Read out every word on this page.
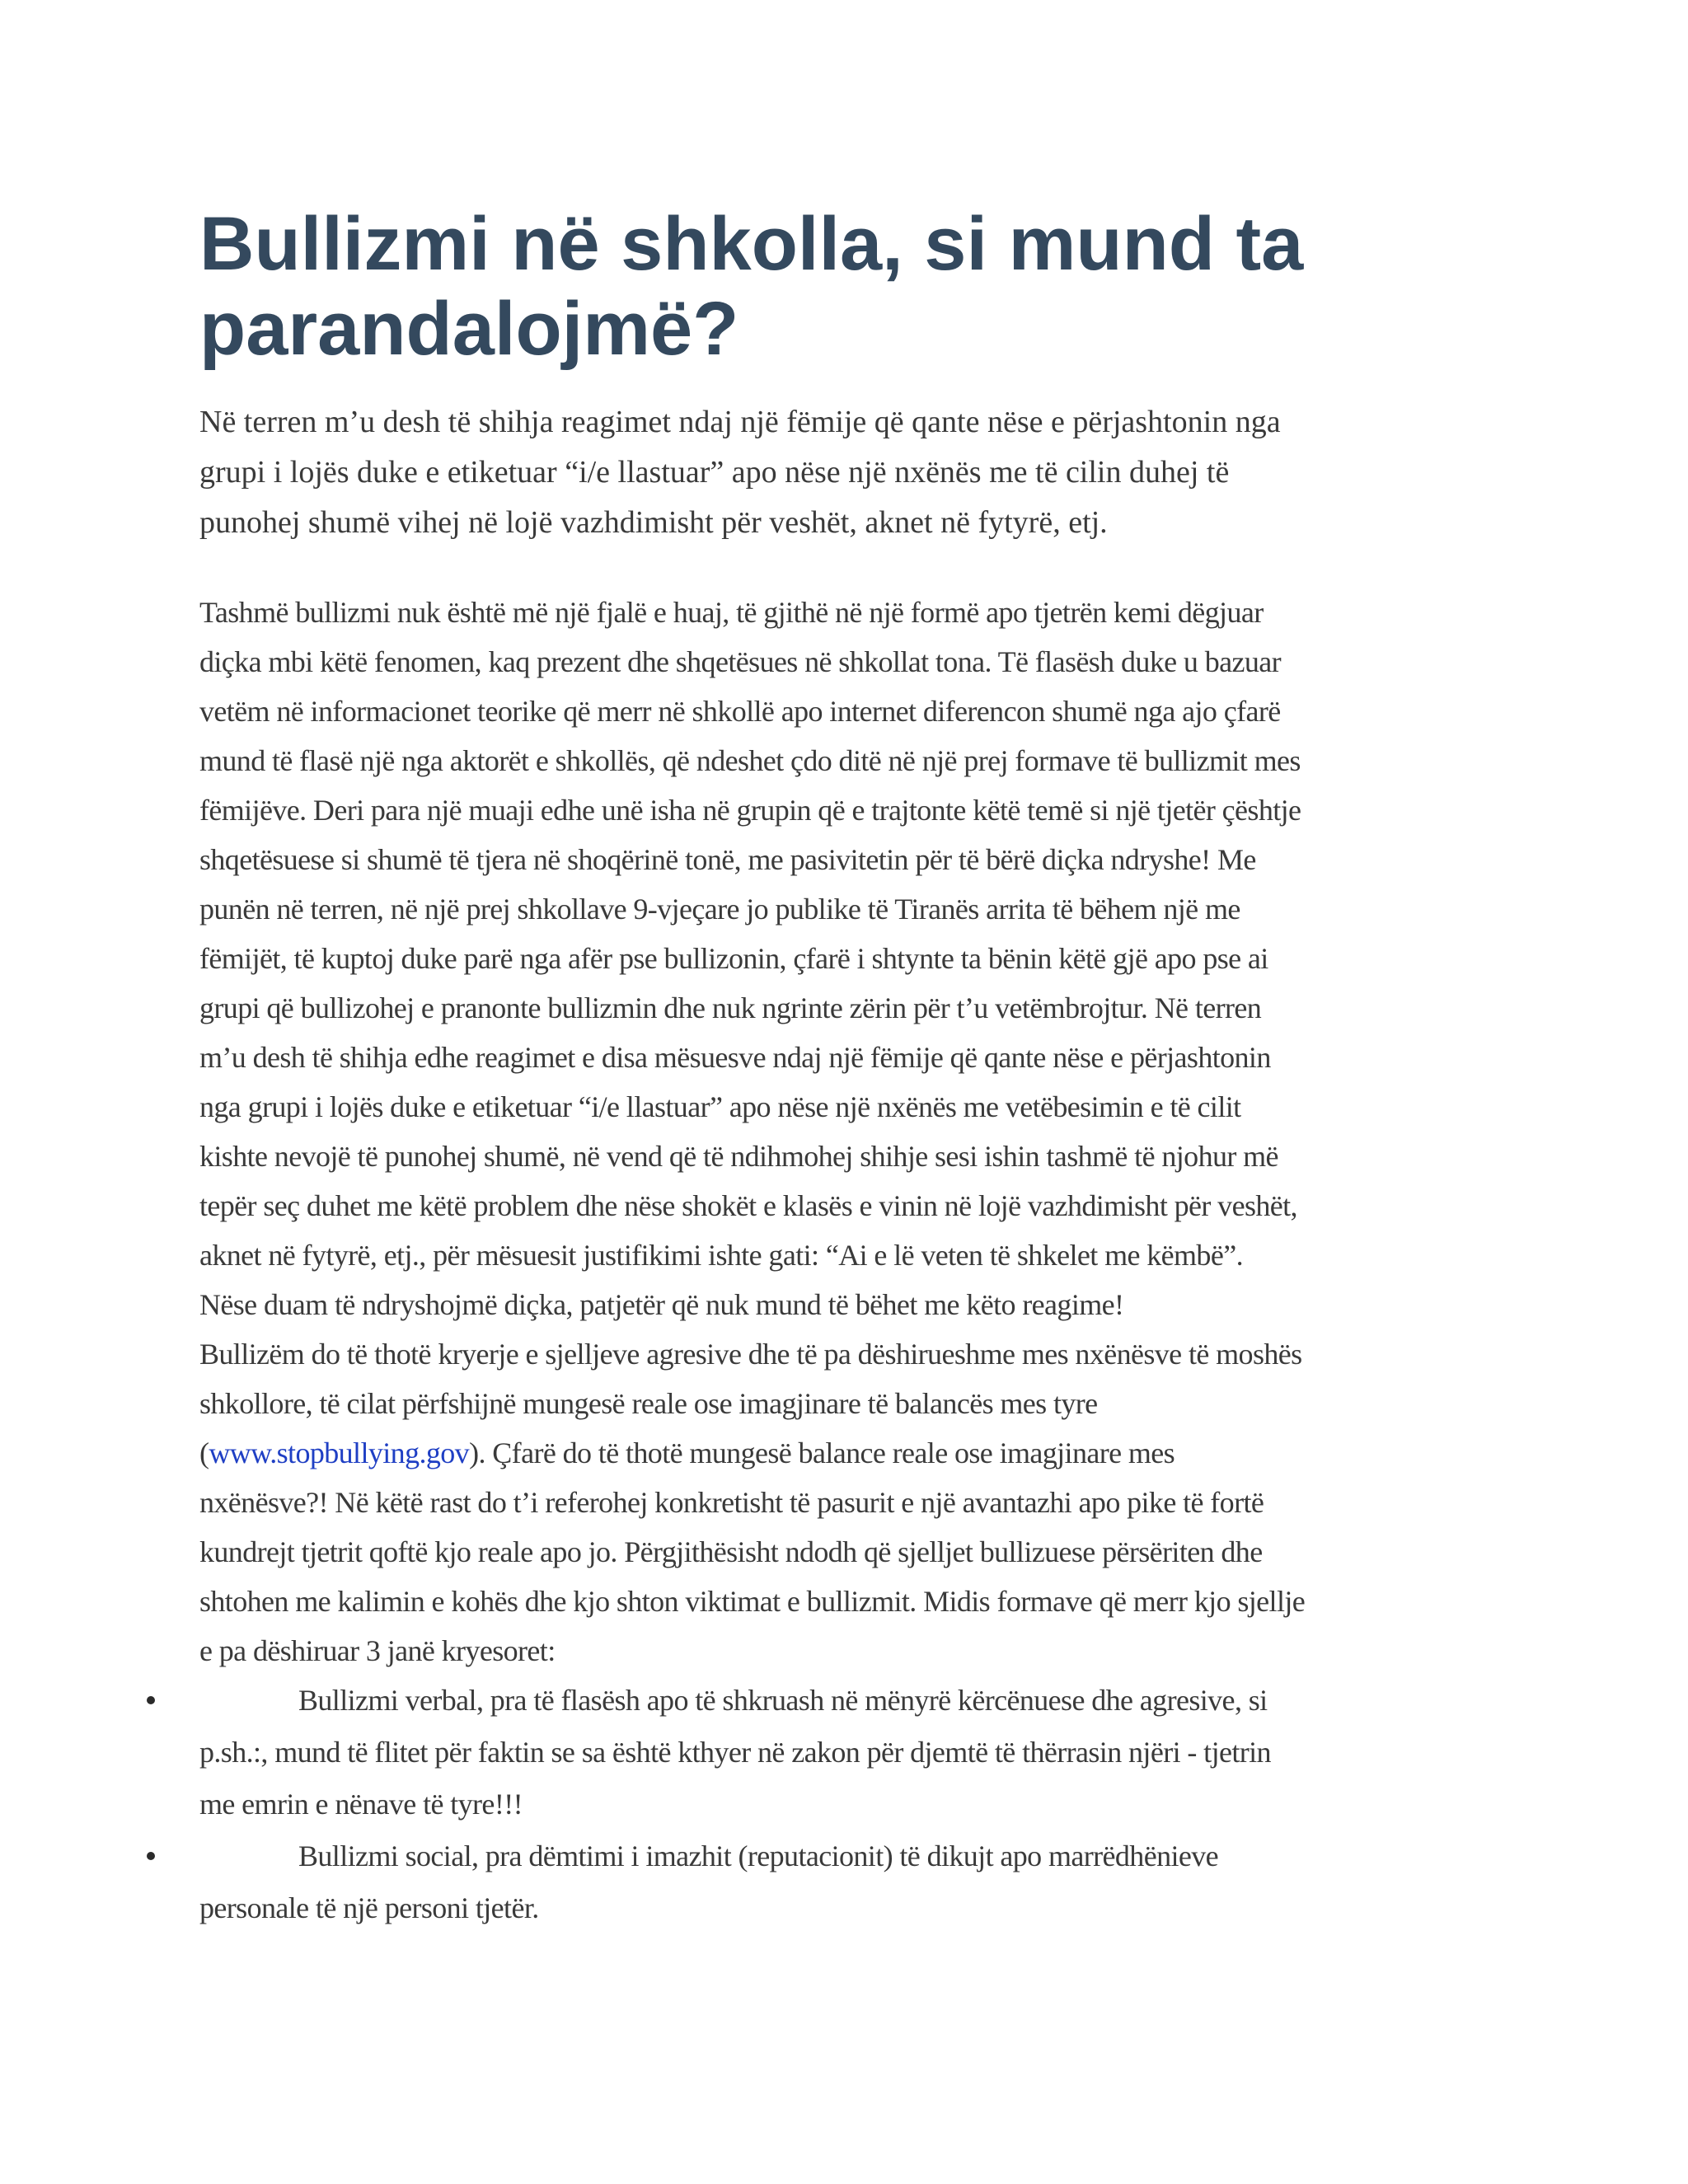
Bullizmi në shkolla, si mund ta parandalojmë?

Në terren m’u desh të shihja reagimet ndaj një fëmije që qante nëse e përjashtonin nga
grupi i lojës duke e etiketuar “i/e llastuar” apo nëse një nxënës me të cilin duhej të
punohej shumë vihej në lojë vazhdimisht për veshët, aknet në fytyrë, etj.

Tashmë bullizmi nuk është më një fjalë e huaj, të gjithë në një formë apo tjetrën kemi dëgjuar
diçka mbi këtë fenomen, kaq prezent dhe shqetësues në shkollat tona. Të flasësh duke u bazuar
vetëm në informacionet teorike që merr në shkollë apo internet diferencon shumë nga ajo çfarë
mund të flasë një nga aktorët e shkollës, që ndeshet çdo ditë në një prej formave të bullizmit mes
fëmijëve. Deri para një muaji edhe unë isha në grupin që e trajtonte këtë temë si një tjetër çështje
shqetësuese si shumë të tjera në shoqërinë tonë, me pasivitetin për të bërë diçka ndryshe! Me
punën në terren, në një prej shkollave 9-vjeçare jo publike të Tiranës arrita të bëhem një me
fëmijët, të kuptoj duke parë nga afër pse bullizonin, çfarë i shtynte ta bënin këtë gjë apo pse ai
grupi që bullizohej e pranonte bullizmin dhe nuk ngrinte zërin për t’u vetëmbrojtur. Në terren
m’u desh të shihja edhe reagimet e disa mësuesve ndaj një fëmije që qante nëse e përjashtonin
nga grupi i lojës duke e etiketuar “i/e llastuar” apo nëse një nxënës me vetëbesimin e të cilit
kishte nevojë të punohej shumë, në vend që të ndihmohej shihje sesi ishin tashmë të njohur më
tepër seç duhet me këtë problem dhe nëse shokët e klasës e vinin në lojë vazhdimisht për veshët,
aknet në fytyrë, etj., për mësuesit justifikimi ishte gati: “Ai e lë veten të shkelet me këmbë”.
Nëse duam të ndryshojmë diçka, patjetër që nuk mund të bëhet me këto reagime!
Bullizëm do të thotë kryerje e sjelljeve agresive dhe të pa dëshirueshme mes nxënësve të moshës
shkollore, të cilat përfshijnë mungesë reale ose imagjinare të balancës mes tyre
(www.stopbullying.gov). Çfarë do të thotë mungesë balance reale ose imagjinare mes
nxënësve?! Në këtë rast do t’i referohej konkretisht të pasurit e një avantazhi apo pike të fortë
kundrejt tjetrit qoftë kjo reale apo jo. Përgjithësisht ndodh që sjelljet bullizuese përsëriten dhe
shtohen me kalimin e kohës dhe kjo shton viktimat e bullizmit. Midis formave që merr kjo sjellje
e pa dëshiruar 3 janë kryesoret:
Bullizmi verbal, pra të flasësh apo të shkruash në mënyrë kërcënuese dhe agresive, si
p.sh.:, mund të flitet për faktin se sa është kthyer në zakon për djemtë të thërrasin njëri - tjetrin
me emrin e nënave të tyre!!!
Bullizmi social, pra dëmtimi i imazhit (reputacionit) të dikujt apo marrëdhënieve
personale të një personi tjetër.
